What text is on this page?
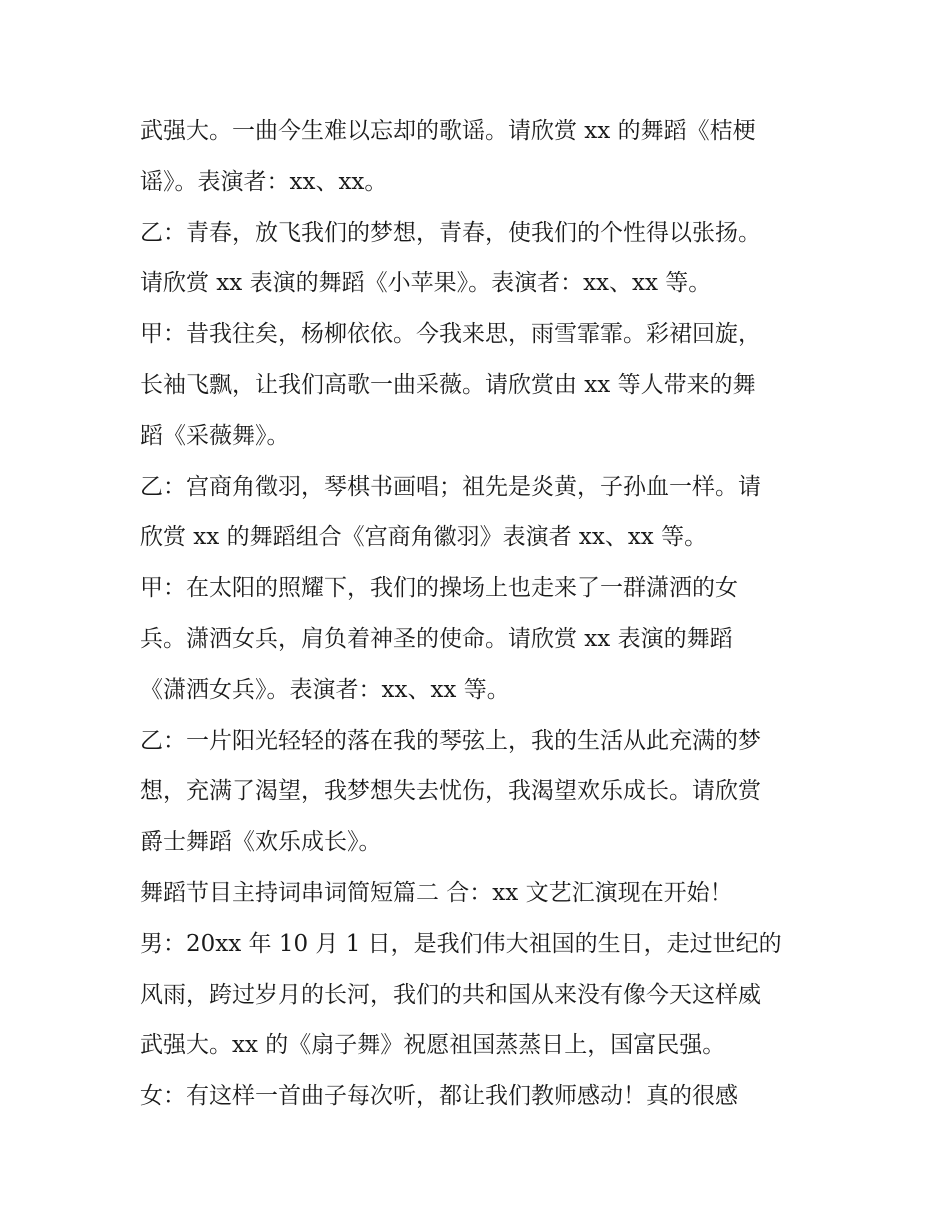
武强大。一曲今生难以忘却的歌谣。请欣赏 xx 的舞蹈《桔梗
谣》。表演者：xx、xx。
乙：青春，放飞我们的梦想，青春，使我们的个性得以张扬。
请欣赏 xx 表演的舞蹈《小苹果》。表演者：xx、xx 等。
甲：昔我往矣，杨柳依依。今我来思，雨雪霏霏。彩裙回旋，
长袖飞飘，让我们高歌一曲采薇。请欣赏由 xx 等人带来的舞
蹈《采薇舞》。
乙：宫商角徵羽，琴棋书画唱；祖先是炎黄，子孙血一样。请
欣赏 xx 的舞蹈组合《宫商角徽羽》表演者 xx、xx 等。
甲：在太阳的照耀下，我们的操场上也走来了一群潇洒的女
兵。潇洒女兵，肩负着神圣的使命。请欣赏 xx 表演的舞蹈
《潇洒女兵》。表演者：xx、xx 等。
乙：一片阳光轻轻的落在我的琴弦上，我的生活从此充满的梦
想，充满了渴望，我梦想失去忧伤，我渴望欢乐成长。请欣赏
爵士舞蹈《欢乐成长》。
舞蹈节目主持词串词简短篇二 合：xx 文艺汇演现在开始！
男：20xx 年 10 月 1 日，是我们伟大祖国的生日，走过世纪的
风雨，跨过岁月的长河，我们的共和国从来没有像今天这样威
武强大。xx 的《扇子舞》祝愿祖国蒸蒸日上，国富民强。
女：有这样一首曲子每次听，都让我们教师感动！真的很感
